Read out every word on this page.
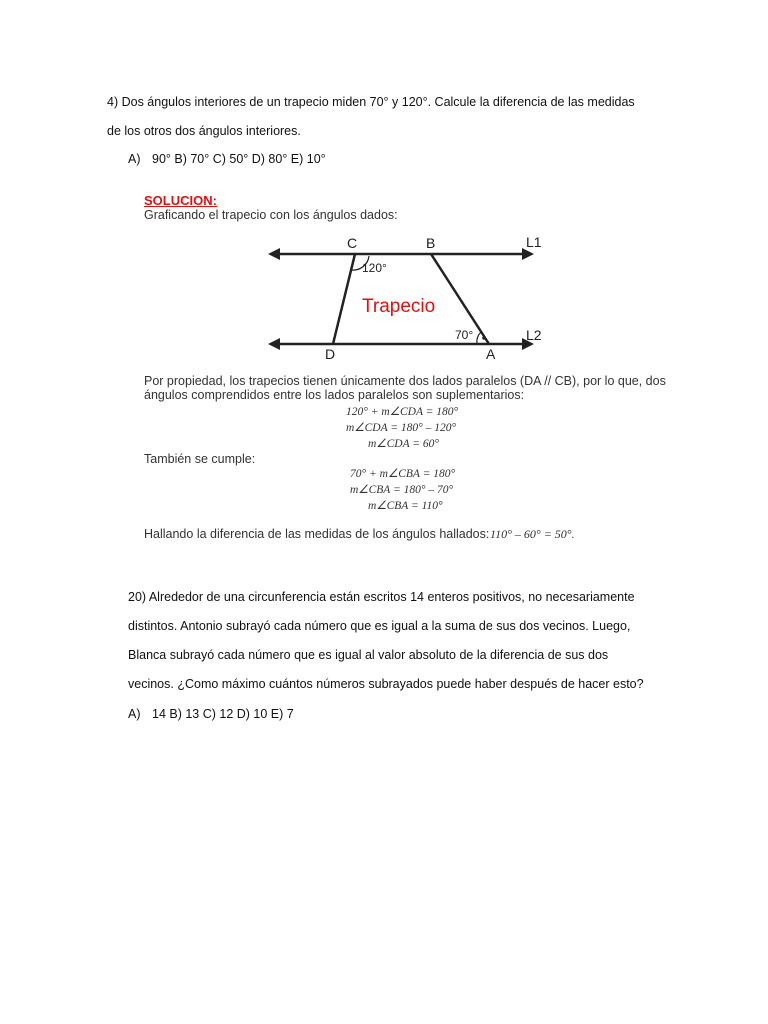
4) Dos ángulos interiores de un trapecio miden 70° y 120°. Calcule la diferencia de las medidas
de los otros dos ángulos interiores.
A) 90° B) 70° C) 50° D) 80° E) 10°
SOLUCION:
Graficando el trapecio con los ángulos dados:
C	B	L1
120°
Trapecio
70°	L2
D	A
Por propiedad, los trapecios tienen únicamente dos lados paralelos (DA // CB), por lo que, dos
ángulos comprendidos entre los lados paralelos son suplementarios:
120° + m∠CDA = 180°
m∠CDA = 180° – 120°
m∠CDA = 60°
También se cumple:
70° + m∠CBA = 180°
m∠CBA = 180° – 70°
m∠CBA = 110°
Hallando la diferencia de las medidas de los ángulos hallados: 110° – 60° = 50°.
20) Alrededor de una circunferencia están escritos 14 enteros positivos, no necesariamente
distintos. Antonio subrayó cada número que es igual a la suma de sus dos vecinos. Luego,
Blanca subrayó cada número que es igual al valor absoluto de la diferencia de sus dos
vecinos. ¿Como máximo cuántos números subrayados puede haber después de hacer esto?
A) 14 B) 13 C) 12 D) 10 E) 7
